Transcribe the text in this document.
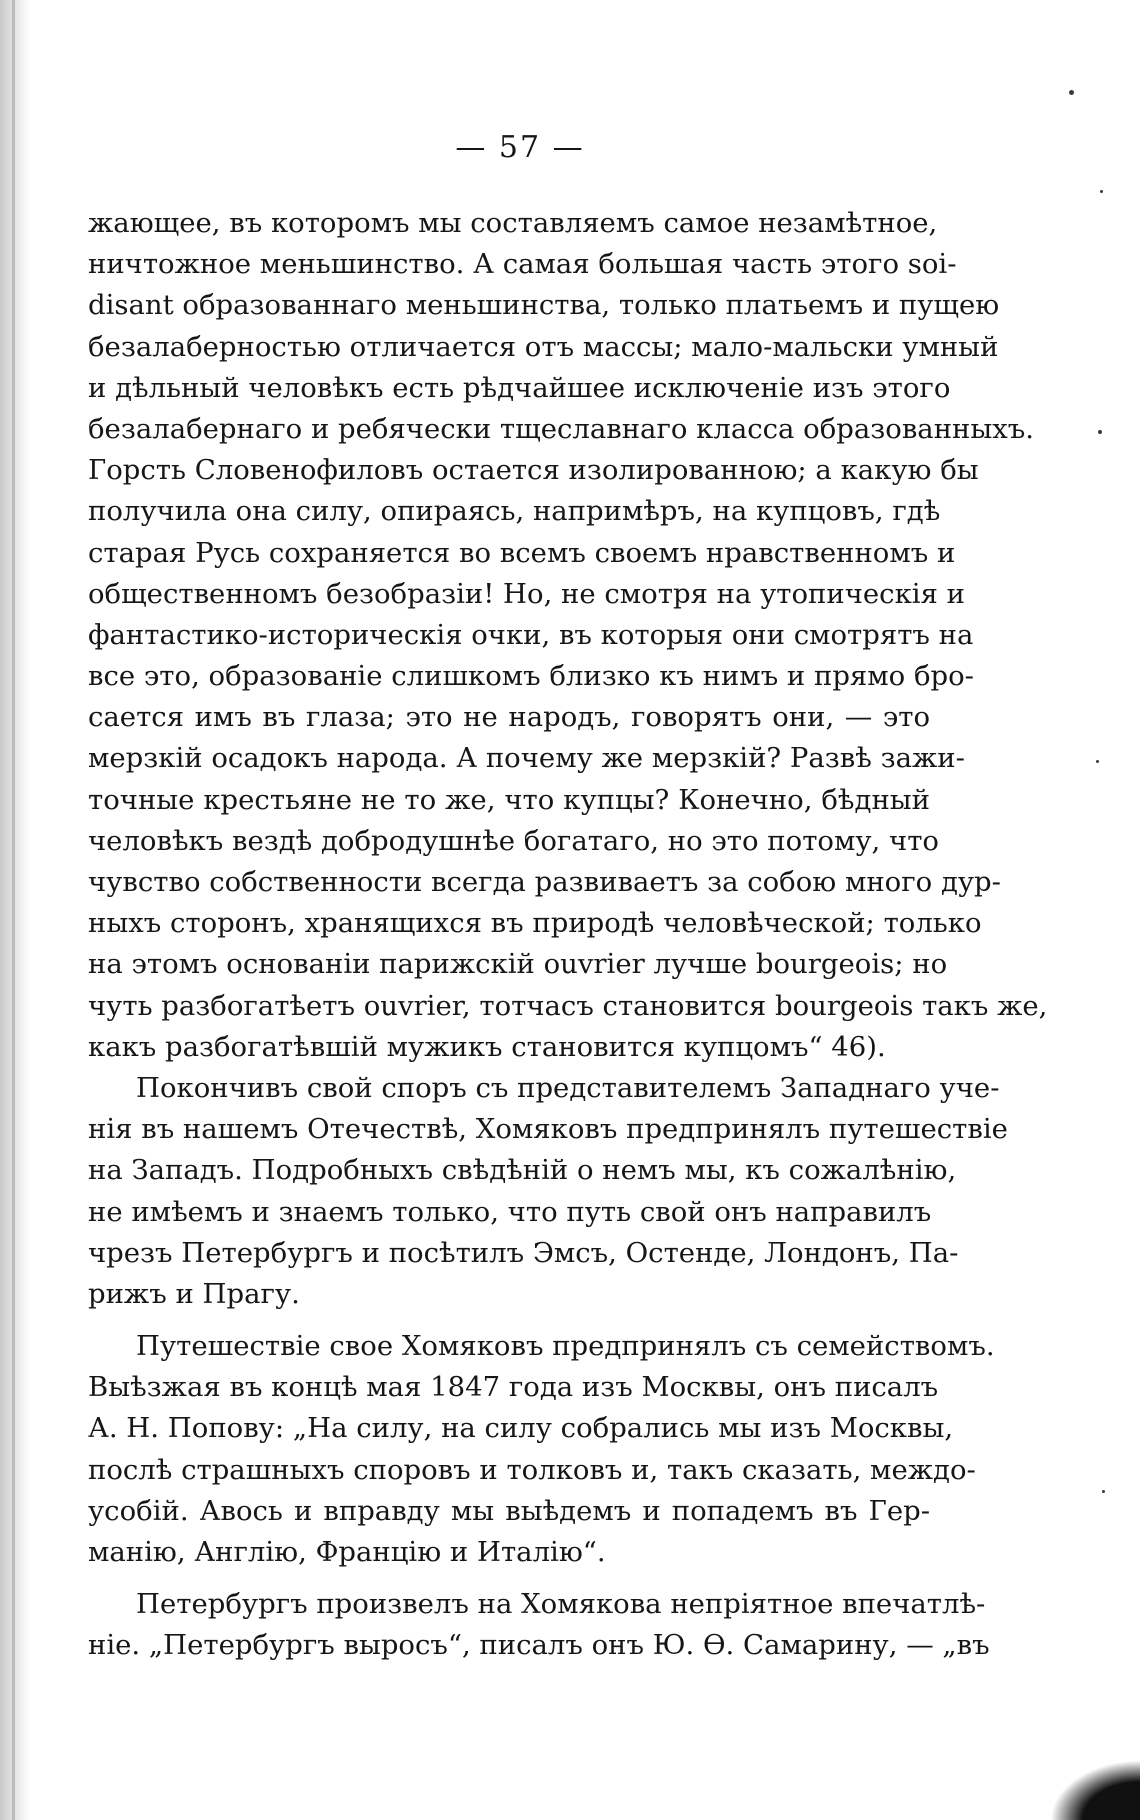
— 57 —
жающее, въ которомъ мы составляемъ самое незамѣтное,
ничтожное меньшинство. А самая большая часть этого soi-
disant образованнаго меньшинства, только платьемъ и пущею
безалаберностью отличается отъ массы; мало-мальски умный
и дѣльный человѣкъ есть рѣдчайшее исключенiе изъ этого
безалабернаго и ребячески тщеславнаго класса образованныхъ.
Горсть Словенофиловъ остается изолированною; а какую бы
получила она силу, опираясь, напримѣръ, на купцовъ, гдѣ
старая Русь сохраняется во всемъ своемъ нравственномъ и
общественномъ безобразiи! Но, не смотря на утопическiя и
фантастико-историческiя очки, въ которыя они смотрятъ на
все это, образованiе слишкомъ близко къ нимъ и прямо бро-
сается имъ въ глаза; это не народъ, говорятъ они, — это
мерзкiй осадокъ народа. А почему же мерзкiй? Развѣ зажи-
точные крестьяне не то же, что купцы? Конечно, бѣдный
человѣкъ вездѣ добродушнѣе богатаго, но это потому, что
чувство собственности всегда развиваетъ за собою много дур-
ныхъ сторонъ, хранящихся въ природѣ человѣческой; только
на этомъ основанiи парижскiй ouvrier лучше bourgeois; но
чуть разбогатѣетъ ouvrier, тотчасъ становится bourgeois такъ же,
какъ разбогатѣвшiй мужикъ становится купцомъ“ 46).
Покончивъ свой споръ съ представителемъ Западнаго уче-
нiя въ нашемъ Отечествѣ, Хомяковъ предпринялъ путешествiе
на Западъ. Подробныхъ свѣдѣнiй о немъ мы, къ сожалѣнiю,
не имѣемъ и знаемъ только, что путь свой онъ направилъ
чрезъ Петербургъ и посѣтилъ Эмсъ, Остенде, Лондонъ, Па-
рижъ и Прагу.
Путешествiе свое Хомяковъ предпринялъ съ семействомъ.
Выѣзжая въ концѣ мая 1847 года изъ Москвы, онъ писалъ
А. Н. Попову: „На силу, на силу собрались мы изъ Москвы,
послѣ страшныхъ споровъ и толковъ и, такъ сказать, междо-
усобiй. Авось и вправду мы выѣдемъ и попадемъ въ Гер-
манiю, Англiю, Францiю и Италiю“.
Петербургъ произвелъ на Хомякова непрiятное впечатлѣ-
нiе. „Петербургъ выросъ“, писалъ онъ Ю. Ѳ. Самарину, — „въ
